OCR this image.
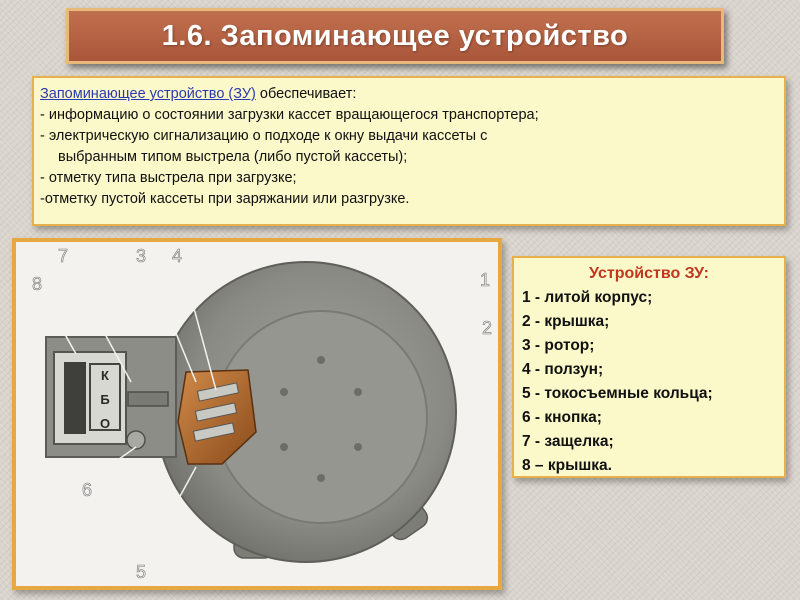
1.6. Запоминающее устройство
Запоминающее устройство (ЗУ) обеспечивает:
- информацию о состоянии загрузки кассет вращающегося транспортера;
- электрическую сигнализацию о подходе к окну выдачи кассеты с
выбранным типом выстрела (либо пустой кассеты);
- отметку типа выстрела при загрузке;
-отметку пустой кассеты при заряжании или разгрузке.
К
Б
О
1
2
3 4
5
6
7
8
Устройство ЗУ:
1 - литой корпус;
2 - крышка;
3 - ротор;
4 - ползун;
5 - токосъемные кольца;
6 - кнопка;
7 - защелка;
8 – крышка.
